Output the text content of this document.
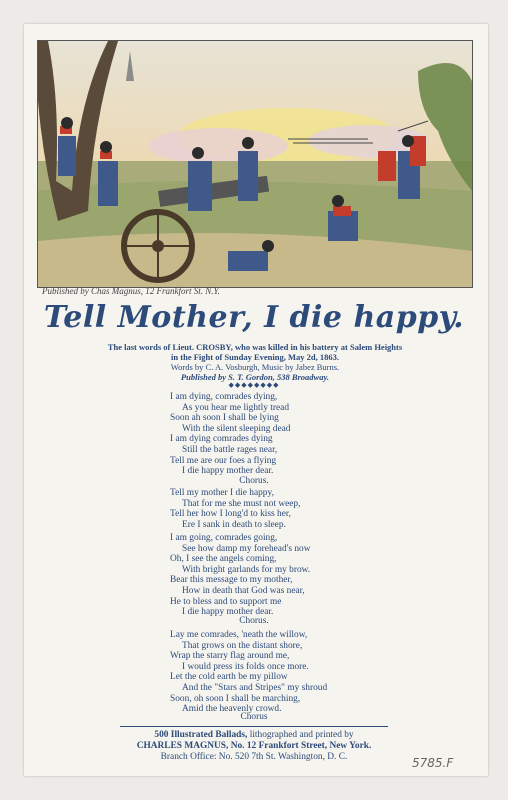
Published by Chas Magnus, 12 Frankfort St. N.Y.
Tell Mother, I die happy.
The last words of Lieut. CROSBY, who was killed in his battery at Salem Heights
in the Fight of Sunday Evening, May 2d, 1863.
Words by C. A. Vosburgh, Music by Jabez Burns.
Published by S. T. Gordon, 538 Broadway.
◆◆◆◆◆◆◆◆
I am dying, comrades dying,
As you hear me lightly tread
Soon ah soon I shall be lying
With the silent sleeping dead
I am dying comrades dying
Still the battle rages near,
Tell me are our foes a flying
I die happy mother dear.
Chorus.
Tell my mother I die happy,
That for me she must not weep,
Tell her how I long'd to kiss her,
Ere I sank in death to sleep.
I am going, comrades going,
See how damp my forehead's now
Oh, I see the angels coming,
With bright garlands for my brow.
Bear this message to my mother,
How in death that God was near,
He to bless and to support me
I die happy mother dear.
Chorus.
Lay me comrades, 'neath the willow,
That grows on the distant shore,
Wrap the starry flag around me,
I would press its folds once more.
Let the cold earth be my pillow
And the "Stars and Stripes" my shroud
Soon, oh soon I shall be marching,
Amid the heavenly crowd.
Chorus
500 Illustrated Ballads, lithographed and printed by
CHARLES MAGNUS, No. 12 Frankfort Street, New York.
Branch Office: No. 520 7th St. Washington, D. C.	5785.F
